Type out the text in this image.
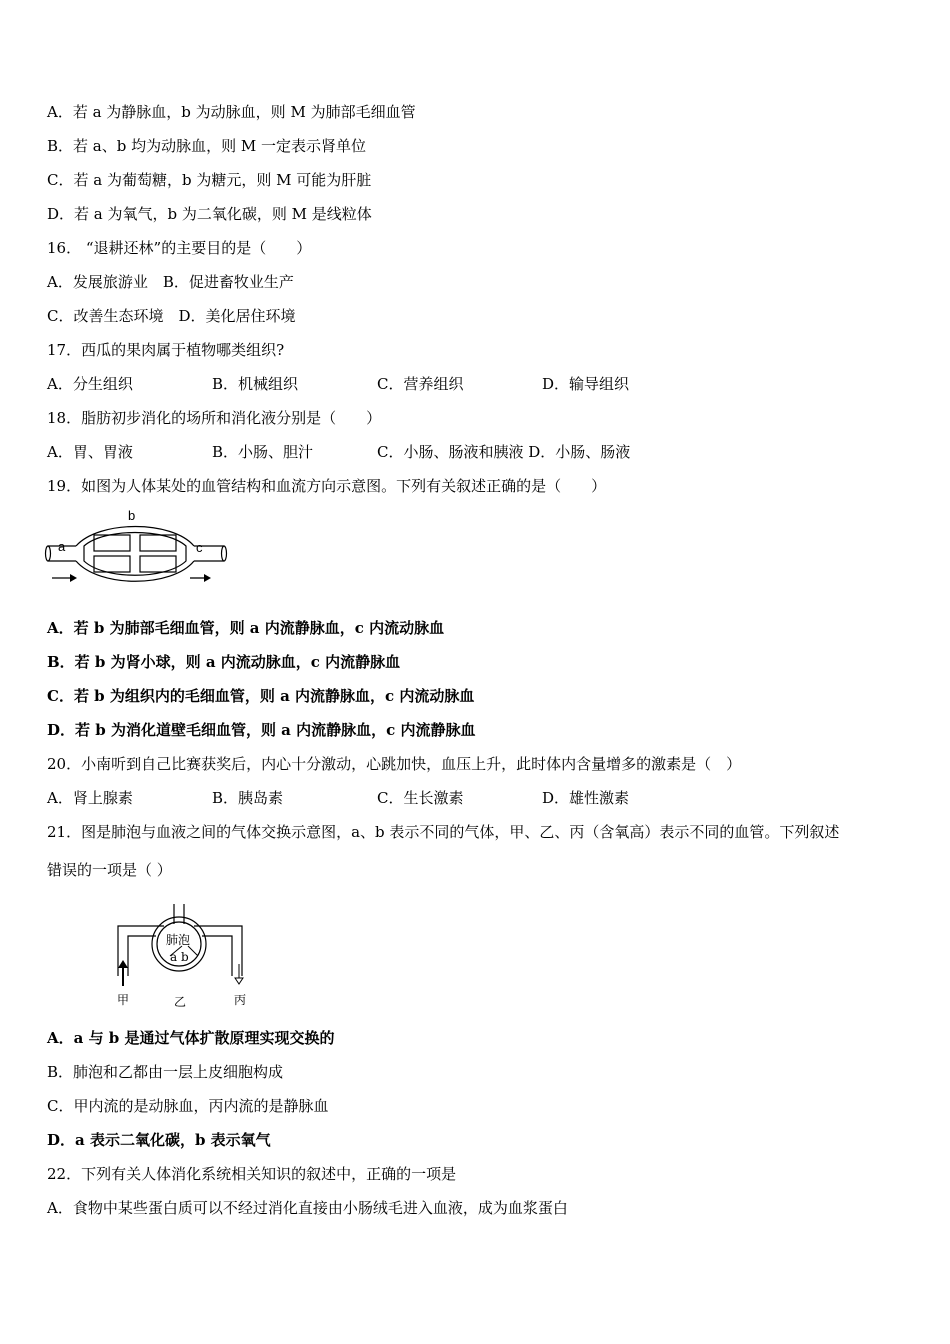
A．若 a 为静脉血，b 为动脉血，则 M 为肺部毛细血管
B．若 a、b 均为动脉血，则 M 一定表示肾单位
C．若 a 为葡萄糖，b 为糖元，则 M 可能为肝脏
D．若 a 为氧气，b 为二氧化碳，则 M 是线粒体
16． “退耕还林”的主要目的是（　　）
A．发展旅游业　B．促进畜牧业生产
C．改善生态环境　D．美化居住环境
17．西瓜的果肉属于植物哪类组织?
A．分生组织	B．机械组织	C．营养组织	D．输导组织
18．脂肪初步消化的场所和消化液分别是（　　）
A．胃、胃液	B．小肠、胆汁	C．小肠、肠液和胰液 D．小肠、肠液
19．如图为人体某处的血管结构和血流方向示意图。下列有关叙述正确的是（　　）
a
b
c
A．若 b 为肺部毛细血管，则 a 内流静脉血，c 内流动脉血
B．若 b 为肾小球，则 a 内流动脉血，c 内流静脉血
C．若 b 为组织内的毛细血管，则 a 内流静脉血，c 内流动脉血
D．若 b 为消化道壁毛细血管，则 a 内流静脉血，c 内流静脉血
20．小南听到自己比赛获奖后，内心十分激动，心跳加快，血压上升，此时体内含量增多的激素是（　）
A．肾上腺素	B．胰岛素	C．生长激素	D．雄性激素
21．图是肺泡与血液之间的气体交换示意图，a、b 表示不同的气体，甲、乙、丙（含氧高）表示不同的血管。下列叙述
错误的一项是（ ）
肺泡
a b
甲	乙	丙
A．a 与 b 是通过气体扩散原理实现交换的
B．肺泡和乙都由一层上皮细胞构成
C．甲内流的是动脉血，丙内流的是静脉血
D．a 表示二氧化碳，b 表示氧气
22．下列有关人体消化系统相关知识的叙述中，正确的一项是
A．食物中某些蛋白质可以不经过消化直接由小肠绒毛进入血液，成为血浆蛋白
